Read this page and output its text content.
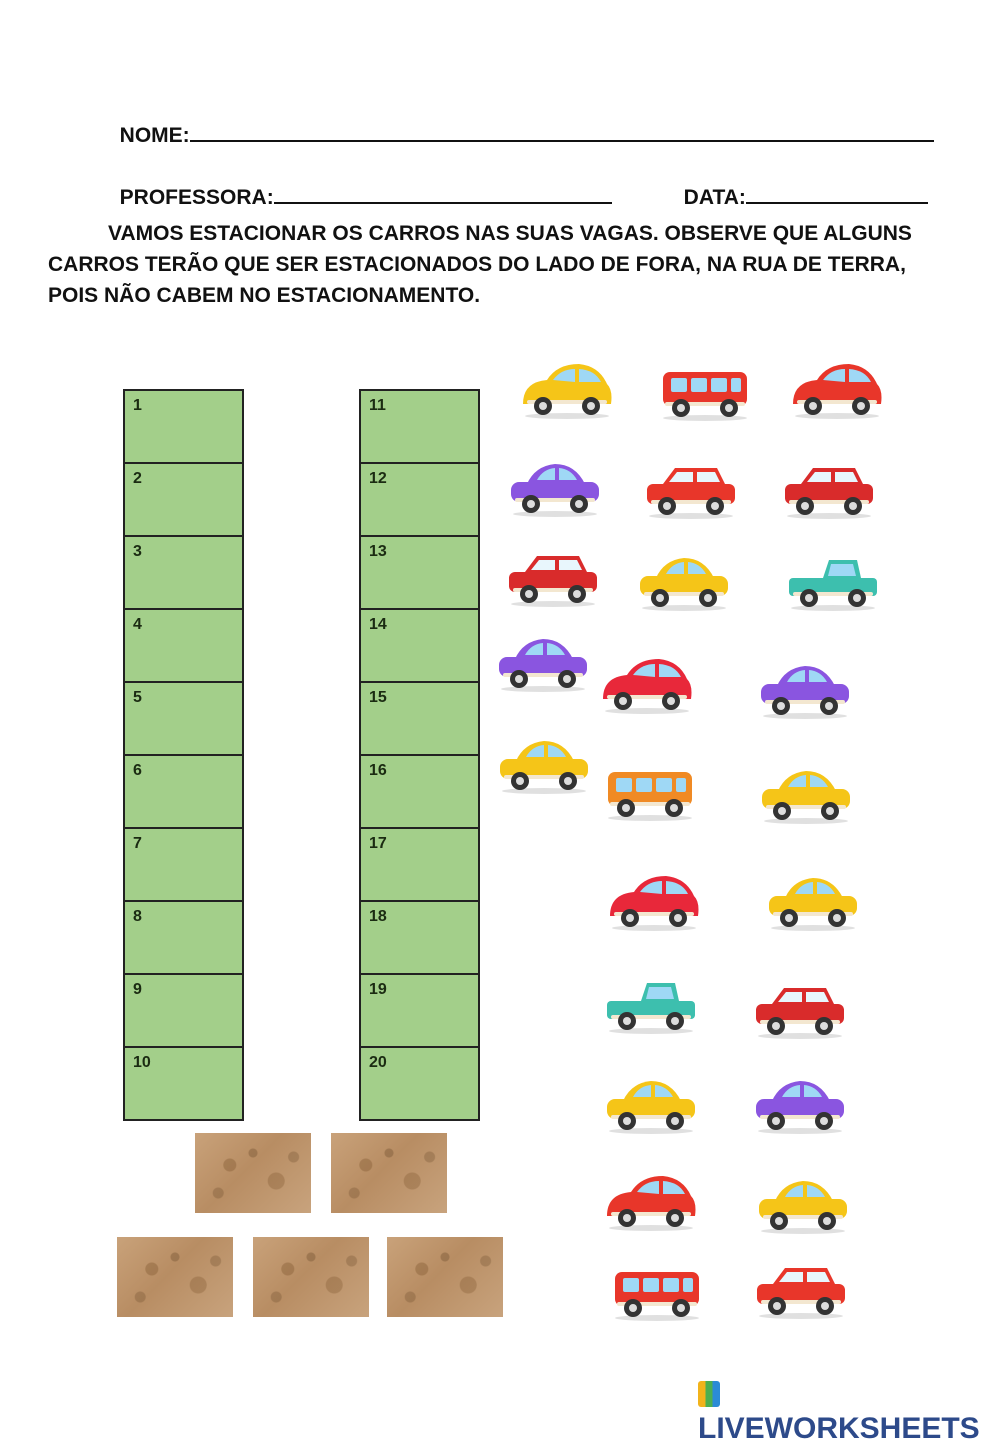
NOME:

PROFESSORA:	DATA:

VAMOS ESTACIONAR OS CARROS NAS SUAS VAGAS. OBSERVE QUE ALGUNS CARROS TERÃO QUE SER ESTACIONADOS DO LADO DE FORA, NA RUA DE TERRA, POIS NÃO CABEM NO ESTACIONAMENTO.
1
2
3
4
5
6
7
8
9
10
11
12
13
14
15
16
17
18
19
20
LIVEWORKSHEETS
